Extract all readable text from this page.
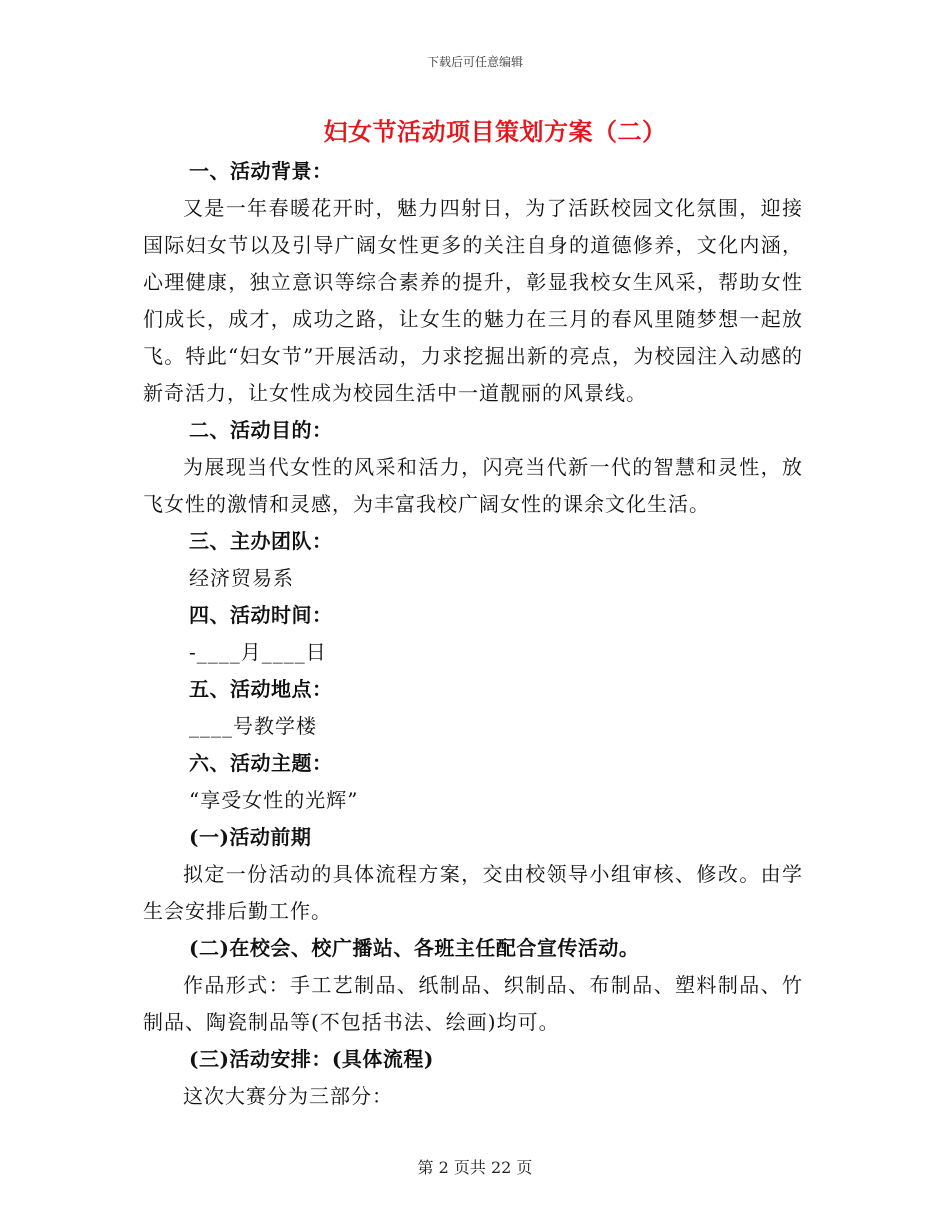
下载后可任意编辑
妇女节活动项目策划方案（二）

一、活动背景：

又是一年春暖花开时，魅力四射日，为了活跃校园文化氛围，迎接国际妇女节以及引导广阔女性更多的关注自身的道德修养，文化内涵，心理健康，独立意识等综合素养的提升，彰显我校女生风采，帮助女性们成长，成才，成功之路，让女生的魅力在三月的春风里随梦想一起放飞。特此“妇女节”开展活动，力求挖掘出新的亮点，为校园注入动感的新奇活力，让女性成为校园生活中一道靓丽的风景线。

二、活动目的：

为展现当代女性的风采和活力，闪亮当代新一代的智慧和灵性，放飞女性的激情和灵感，为丰富我校广阔女性的课余文化生活。

三、主办团队：

经济贸易系

四、活动时间：

-____月____日

五、活动地点：

____号教学楼

六、活动主题：

“享受女性的光辉”

(一)活动前期

拟定一份活动的具体流程方案，交由校领导小组审核、修改。由学生会安排后勤工作。

(二)在校会、校广播站、各班主任配合宣传活动。

作品形式：手工艺制品、纸制品、织制品、布制品、塑料制品、竹制品、陶瓷制品等(不包括书法、绘画)均可。

(三)活动安排：(具体流程)

这次大赛分为三部分：

第 2 页共 22 页
